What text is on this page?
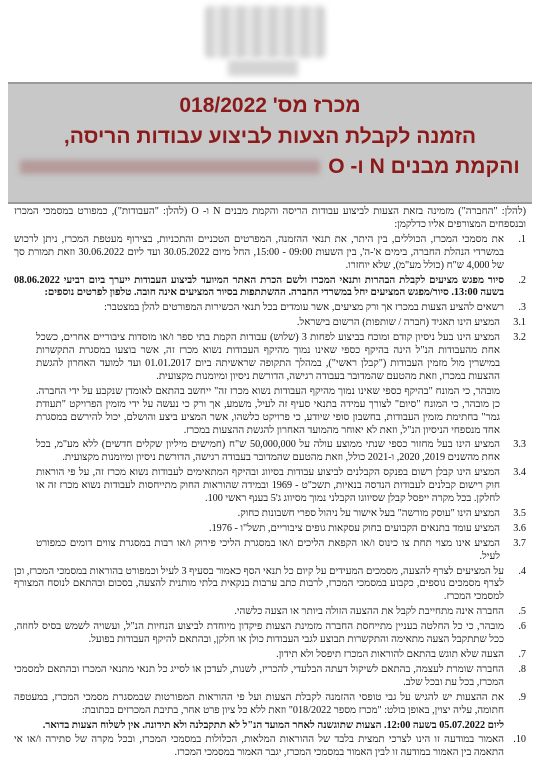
מכרז מס' 018/2022
הזמנה לקבלת הצעות לביצוע עבודות הריסה,
והקמת מבנים N ו- O

(להלן: "החברה") מזמינה בזאת הצעות לביצוע עבודות הריסה והקמת מבנים N ו- O (להלן: "העבודות"), כמפורט במסמכי המכרז ובנספחים המצורפים אליו כדלקמן:

1.
את מסמכי המכרז, הכוללים, בין היתר, את תנאי ההזמנה, המפרטים הטכניים והתכניות, בצירוף מעטפת המכרז, ניתן לרכוש במשרדי הנהלת החברה, בימים א'-ה', בין השעות 09:00 - 15:00, החל מיום 30.05.2022 ועד ליום 30.06.2022 וזאת תמורת סך של 4,000 ש"ח (כולל מע"מ), שלא יוחזרו.
2.
סיור מפגש מציעים לקבלת הבהרות ותנאי המכרז ולשם הכרת האתר המיועד לביצוע העבודות ייערך ביום רביעי 08.06.2022 בשעה 13:00. סיור/מפגש המציעים יחל במשרדי החברה. ההשתתפות בסיור המציעים אינה חובה. טלפון לפרטים נוספים:
3.
רשאים להציע הצעות במכרז אך ורק מציעים, אשר עומדים בכל תנאי הכשירות המפורטים להלן במצטבר:
3.1
המציע הינו תאגיד (חברה / שותפות) הרשום בישראל.
3.2
המציע הינו בעל ניסיון קודם ומוכח בביצוע לפחות 3 (שלוש) עבודות הקמת בתי ספר ו/או מוסדות ציבוריים אחרים, כשכל אחת מהעבודות הנ"ל הינה בהיקף כספי שאינו נמוך מהיקף העבודות נשוא מכרז זה, אשר בוצעו במסגרת התקשרות במישרין מול מזמין העבודות ("קבלן ראשי"), במהלך התקופה שראשיתה ביום 01.01.2017 ועד למועד האחרון להגשת ההצעות במכרז, וזאת מהטעם שהמדובר בעבודה רגישה, הדורשת ניסיון ומיומנות מקצועית.
מובהר, כי המונח "בהיקף כספי שאינו נמוך מהיקף העבודות נשוא מכרז זה" ייחשב בהתאם לאומדן שנקבע על ידי החברה. כן מובהר, כי המונח "סיום" לצורך עמידה בתנאי סעיף זה לעיל, משמע, אך ורק כי נעשה על ידי מזמין הפרויקט "תעודת גמר" בחתימת מזמין העבודות, בחשבון סופי שיודע, כי פרויקט כלשהו, אשר המציע ביצע והושלם, יכול להירשם במסגרת אחד מנספחי הניסיון הנ"ל, וזאת לא יאוחר מהמועד האחרון להגשת ההצעות במכרז.
3.3
המציע הינו בעל מחזור כספי שנתי ממוצע עולה על 50,000,000 ש"ח (חמישים מיליון שקלים חדשים) ללא מע"מ, בכל אחת מהשנים 2019, 2020, ו-2021 כולל, וזאת מהטעם שהמדובר בעבודה רגישה, הדורשת ניסיון ומיומנות מקצועית.
3.4
המציע הינו קבלן רשום בפנקס הקבלנים לביצוע עבודות בסיווג ובהיקף המתאימים לעבודות נשוא מכרז זה, על פי הוראות חוק רישום קבלנים לעבודות הנדסה בנאיות, תשכ"ט - 1969 ובמידה שהוראות החוק מתייחסות לעבודות נשוא מכרז זה או לחלקן. בכל מקרה ייפסל קבלן שסיווגו הקבלני נמוך מסיווג ג'5 בענף ראשי 100.
3.5
המציע הינו "עוסק מורשה" בעל אישור על ניהול ספרי חשבונות כחוק.
3.6
המציע עומד בתנאים הקבועים בחוק עסקאות גופים ציבוריים, תשל"ו - 1976.
3.7
המציע אינו מצוי תחת צו כינוס ו/או הקפאת הליכים ו/או במסגרת הליכי פירוק ו/או רבות במסגרת צווים דומים כמפורט לעיל.
4.
על המציעים לצרף להצעה, מסמכים המעידים על קיום כל תנאי הסף כאמור בסעיף 3 לעיל וכמפורט בהוראות במסמכי המכרז, וכן לצרף מסמכים נוספים, כקבוע במסמכי המכרז, לרבות כתב ערבות בנקאית בלתי מותנית להצעה, בסכום ובהתאם לנוסח המצורף למסמכי המכרז.
5.
החברה אינה מתחייבת לקבל את ההצעה הזולה ביותר או הצעה כלשהי.
6.
מובהר, כי כל החלטה בעניין מתייחסת החברה מזמינת הצעות פיקדון מיוחדת לביצוע הנחיות הנ"ל, ועשויה לשמש בסיס לחוזה, ככל שתתקבל הצעה מתאימה והתקשרות תבוצע לגבי העבודות כולן או חלקן, ובהתאם להיקף העבודות בפועל.
7.
הצעה שלא תוגש בהתאם להוראות המכרז תיפסל ולא תידון.
8.
החברה שומרת לעצמה, בהתאם לשיקול דעתה הבלעדי, להכריז, לשנות, לעדכן או לסייג כל תנאי מתנאי המכרז ובהתאם למסמכי המכרז, בכל עת ובכל שלב.
9.
את ההצעות יש להגיש על גבי טופסי ההזמנה לקבלת הצעות ועל פי ההוראות המפורטות שבמסגרת מסמכי המכרז, במעטפה חתומה, עליה יצוין, באופן בולט: "מכרז מספר 018/2022" וזאת ללא כל ציון פרט אחר, בתיבת המכרזים בכתובת:
ליום 05.07.2022 בשעה 12:00. הצעות שתוגשנה לאחר המועד הנ"ל לא תתקבלנה ולא תידונה. אין לשלוח הצעות בדואר.
10.
האמור במודעה זו הינו לצרכי תמצית בלבד של ההוראות המלאות, הכלולות במסמכי המכרז, ובכל מקרה של סתירה ו/או אי התאמה בין האמור במודעה זו לבין האמור במסמכי המכרז, יגבר האמור במסמכי המכרז.
